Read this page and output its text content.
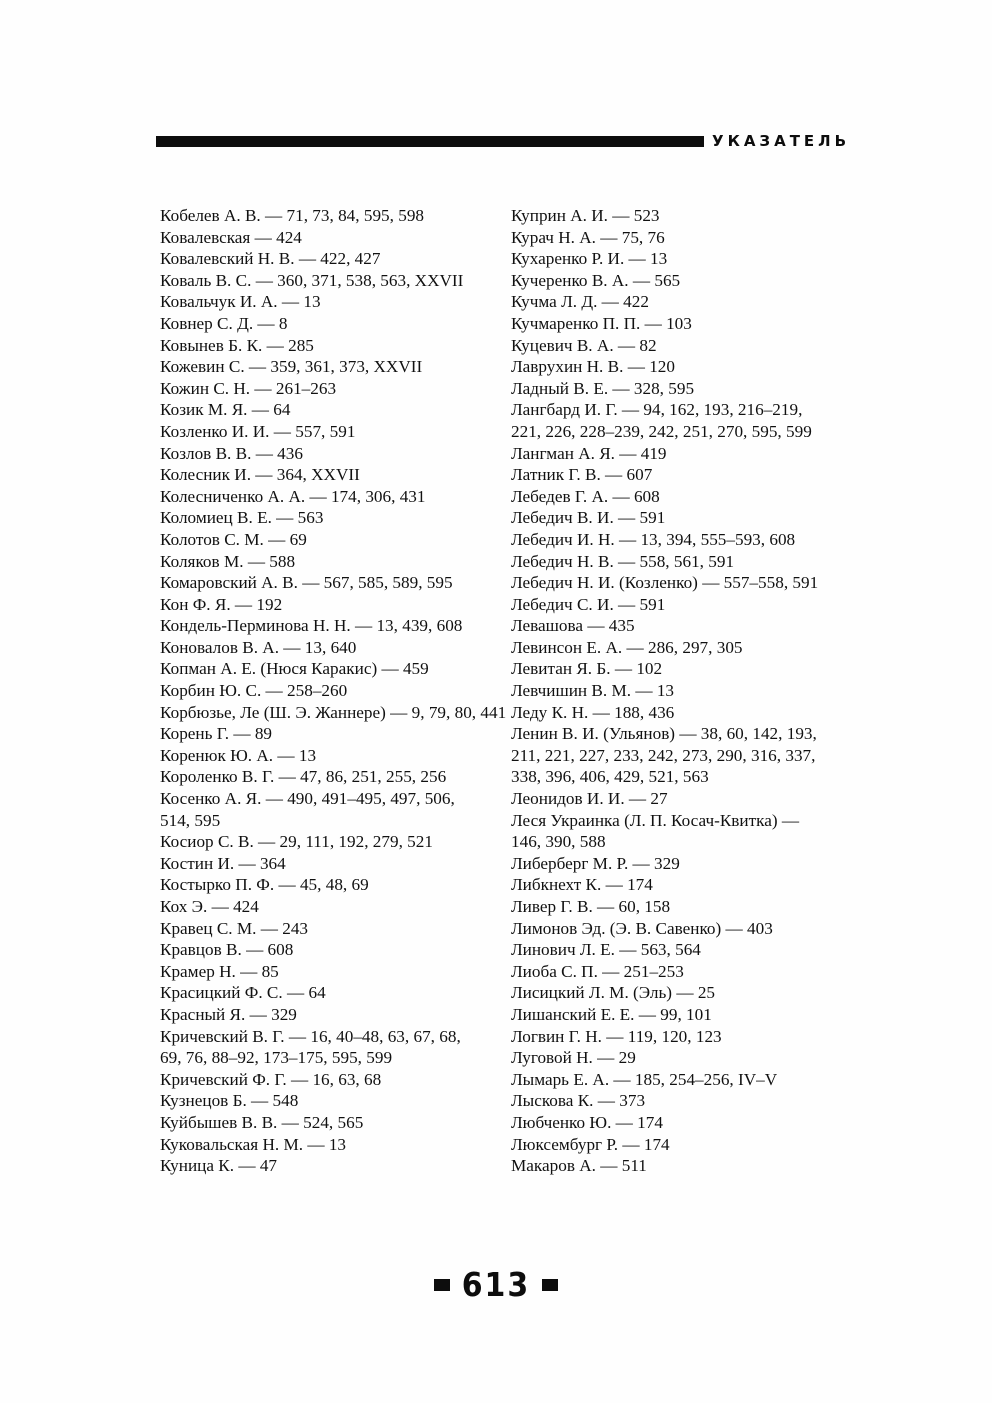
УКАЗАТЕЛЬ
Кобелев А. В. — 71, 73, 84, 595, 598
Ковалевская — 424
Ковалевский Н. В. — 422, 427
Коваль В. С. — 360, 371, 538, 563, XXVII
Ковальчук И. А. — 13
Ковнер С. Д. — 8
Ковынев Б. К. — 285
Кожевин С. — 359, 361, 373, XXVII
Кожин С. Н. — 261–263
Козик М. Я. — 64
Козленко И. И. — 557, 591
Козлов В. В. — 436
Колесник И. — 364, XXVII
Колесниченко А. А. — 174, 306, 431
Коломиец В. Е. — 563
Колотов С. М. — 69
Коляков М. — 588
Комаровский А. В. — 567, 585, 589, 595
Кон Ф. Я. — 192
Кондель-Перминова Н. Н. — 13, 439, 608
Коновалов В. А. — 13, 640
Копман А. Е. (Нюся Каракис) — 459
Корбин Ю. С. — 258–260
Корбюзье, Ле (Ш. Э. Жаннере) — 9, 79, 80, 441
Корень Г. — 89
Коренюк Ю. А. — 13
Короленко В. Г. — 47, 86, 251, 255, 256
Косенко А. Я. — 490, 491–495, 497, 506,
514, 595
Косиор С. В. — 29, 111, 192, 279, 521
Костин И. — 364
Костырко П. Ф. — 45, 48, 69
Кох Э. — 424
Кравец С. М. — 243
Кравцов В. — 608
Крамер Н. — 85
Красицкий Ф. С. — 64
Красный Я. — 329
Кричевский В. Г. — 16, 40–48, 63, 67, 68,
69, 76, 88–92, 173–175, 595, 599
Кричевский Ф. Г. — 16, 63, 68
Кузнецов Б. — 548
Куйбышев В. В. — 524, 565
Куковальская Н. М. — 13
Куница К. — 47
Куприн А. И. — 523
Курач Н. А. — 75, 76
Кухаренко Р. И. — 13
Кучеренко В. А. — 565
Кучма Л. Д. — 422
Кучмаренко П. П. — 103
Куцевич В. А. — 82
Лаврухин Н. В. — 120
Ладный В. Е. — 328, 595
Лангбард И. Г. — 94, 162, 193, 216–219,
221, 226, 228–239, 242, 251, 270, 595, 599
Лангман А. Я. — 419
Латник Г. В. — 607
Лебедев Г. А. — 608
Лебедич В. И. — 591
Лебедич И. Н. — 13, 394, 555–593, 608
Лебедич Н. В. — 558, 561, 591
Лебедич Н. И. (Козленко) — 557–558, 591
Лебедич С. И. — 591
Левашова — 435
Левинсон Е. А. — 286, 297, 305
Левитан Я. Б. — 102
Левчишин В. М. — 13
Леду К. Н. — 188, 436
Ленин В. И. (Ульянов) — 38, 60, 142, 193,
211, 221, 227, 233, 242, 273, 290, 316, 337,
338, 396, 406, 429, 521, 563
Леонидов И. И. — 27
Леся Украинка (Л. П. Косач-Квитка) —
146, 390, 588
Либерберг М. Р. — 329
Либкнехт К. — 174
Ливер Г. В. — 60, 158
Лимонов Эд. (Э. В. Савенко) — 403
Линович Л. Е. — 563, 564
Лиоба С. П. — 251–253
Лисицкий Л. М. (Эль) — 25
Лишанский Е. Е. — 99, 101
Логвин Г. Н. — 119, 120, 123
Луговой Н. — 29
Лымарь Е. А. — 185, 254–256, IV–V
Лыскова К. — 373
Любченко Ю. — 174
Люксембург Р. — 174
Макаров А. — 511
613
